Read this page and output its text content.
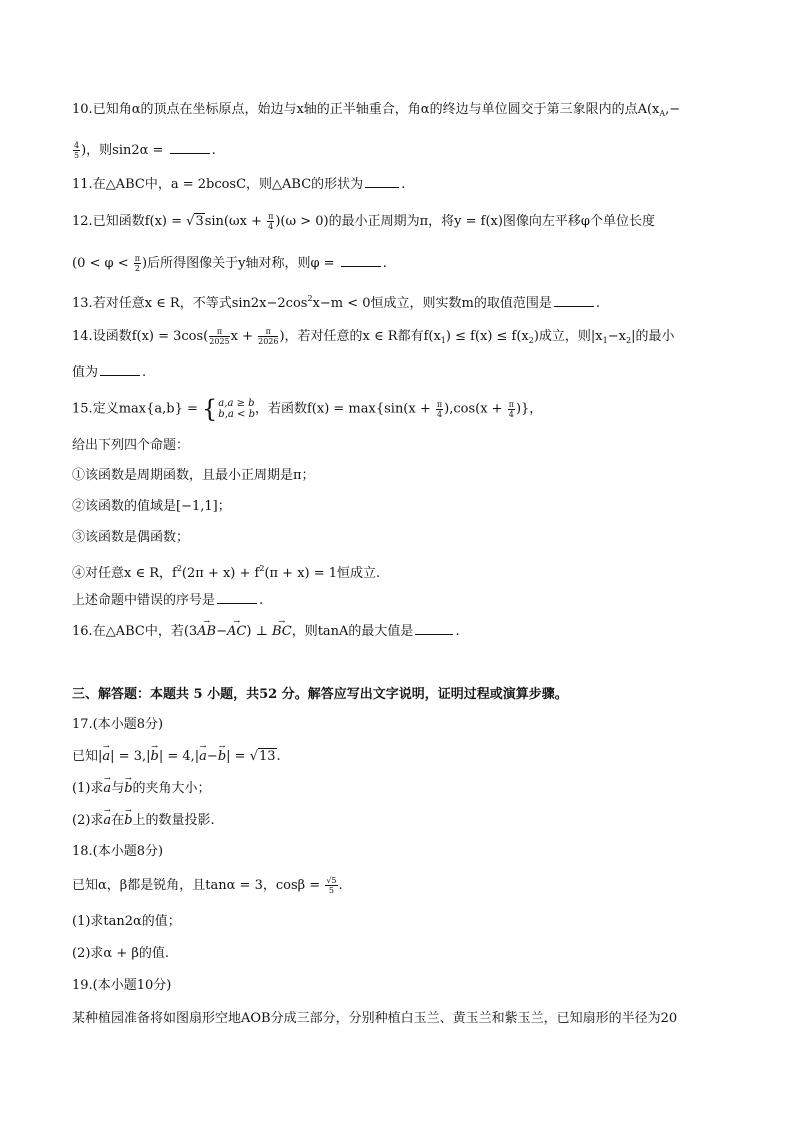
10.已知角α的顶点在坐标原点，始边与x轴的正半轴重合，角α的终边与单位圆交于第三象限内的点$A(x_A,-$
$\frac{4}{5}$ )，则sin2α =	.
11.在△ABC中，a = 2bcosC，则△ABC的形状为	.
12.已知函数$f(x) = √3\sin(\omega x + \frac{\pi}{4} )(\omega > 0)$的最小正周期为π，将y = f(x)图像向左平移φ个单位长度
($0 < \varphi < \frac{\pi}{2}$ )后所得图像关于y轴对称，则φ =	.
13.若对任意x ∈ R，不等式$\sin 2x-2\cos^2x-m < 0$恒成立，则实数m的取值范围是	.
14.设函数$f(x) = 3\cos( \frac{\pi}{2025}$ $x + \frac{\pi}{2026}$ )，若对任意的x ∈ R都有$f(x_1) \le f(x) \le f(x_2)$成立，则$|x_1-x_2|$的最小
值为	.
15.定义max{a,b} = { a,a ≥ b
b,a < b ，若函数$f(x) = \max\{\sin(x + \frac{\pi}{4} ),\cos(x + \frac{\pi}{4}$ )}，
给出下列四个命题：
①该函数是周期函数，且最小正周期是π；
②该函数的值域是[−1,1]；
③该函数是偶函数；
④对任意x ∈ R，$f^2(2\pi + x) + f^2(\pi + x) = 1$恒成立.
上述命题中错误的序号是	.
16.在△ABC中，若(3→ AB−→ AC) ⊥ → BC，则tanA的最大值是	.
三、解答题：本题共 5 小题，共52 分。解答应写出文字说明，证明过程或演算步骤。
17.(本小题8分)
已知|→ a| = 3,|→ b| = 4,|→ a−→ b| = √13.
(1)求→ a与→ b的夹角大小；
(2)求→ a在→ b上的数量投影.
18.(本小题8分)
已知α，β都是锐角，且tanα = 3，$\cos\beta = \frac{√5}{5}$ .
(1)求tan2α的值；
(2)求α + β的值.
19.(本小题10分)
某种植园准备将如图扇形空地AOB分成三部分，分别种植白玉兰、黄玉兰和紫玉兰，已知扇形的半径为20
